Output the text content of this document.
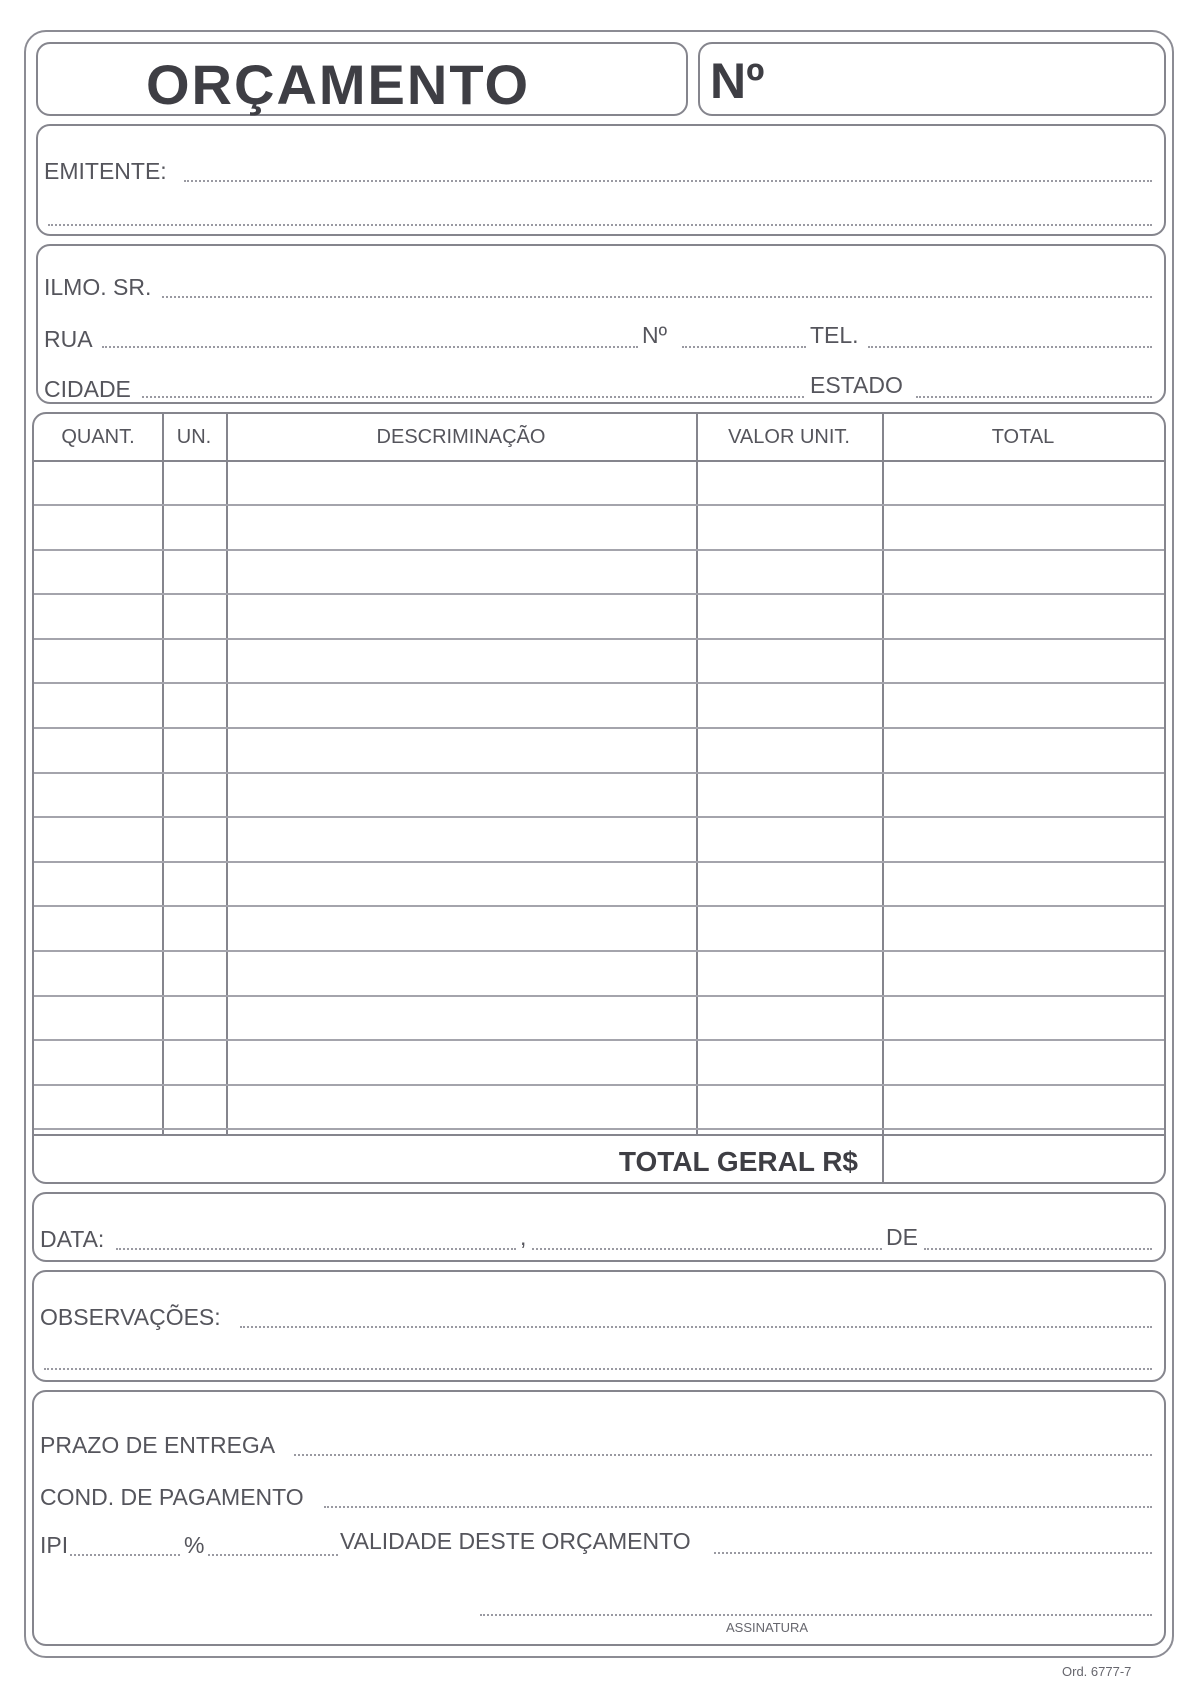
ORÇAMENTO	Nº
EMITENTE:
ILMO. SR.
RUA	Nº	TEL.
CIDADE	ESTADO
QUANT.	UN.	DESCRIMINAÇÃO	VALOR UNIT.	TOTAL
TOTAL GERAL R$
DATA:	,	DE
OBSERVAÇÕES:
PRAZO DE ENTREGA
COND. DE PAGAMENTO
IPI	%	VALIDADE DESTE ORÇAMENTO
ASSINATURA
Ord. 6777-7
